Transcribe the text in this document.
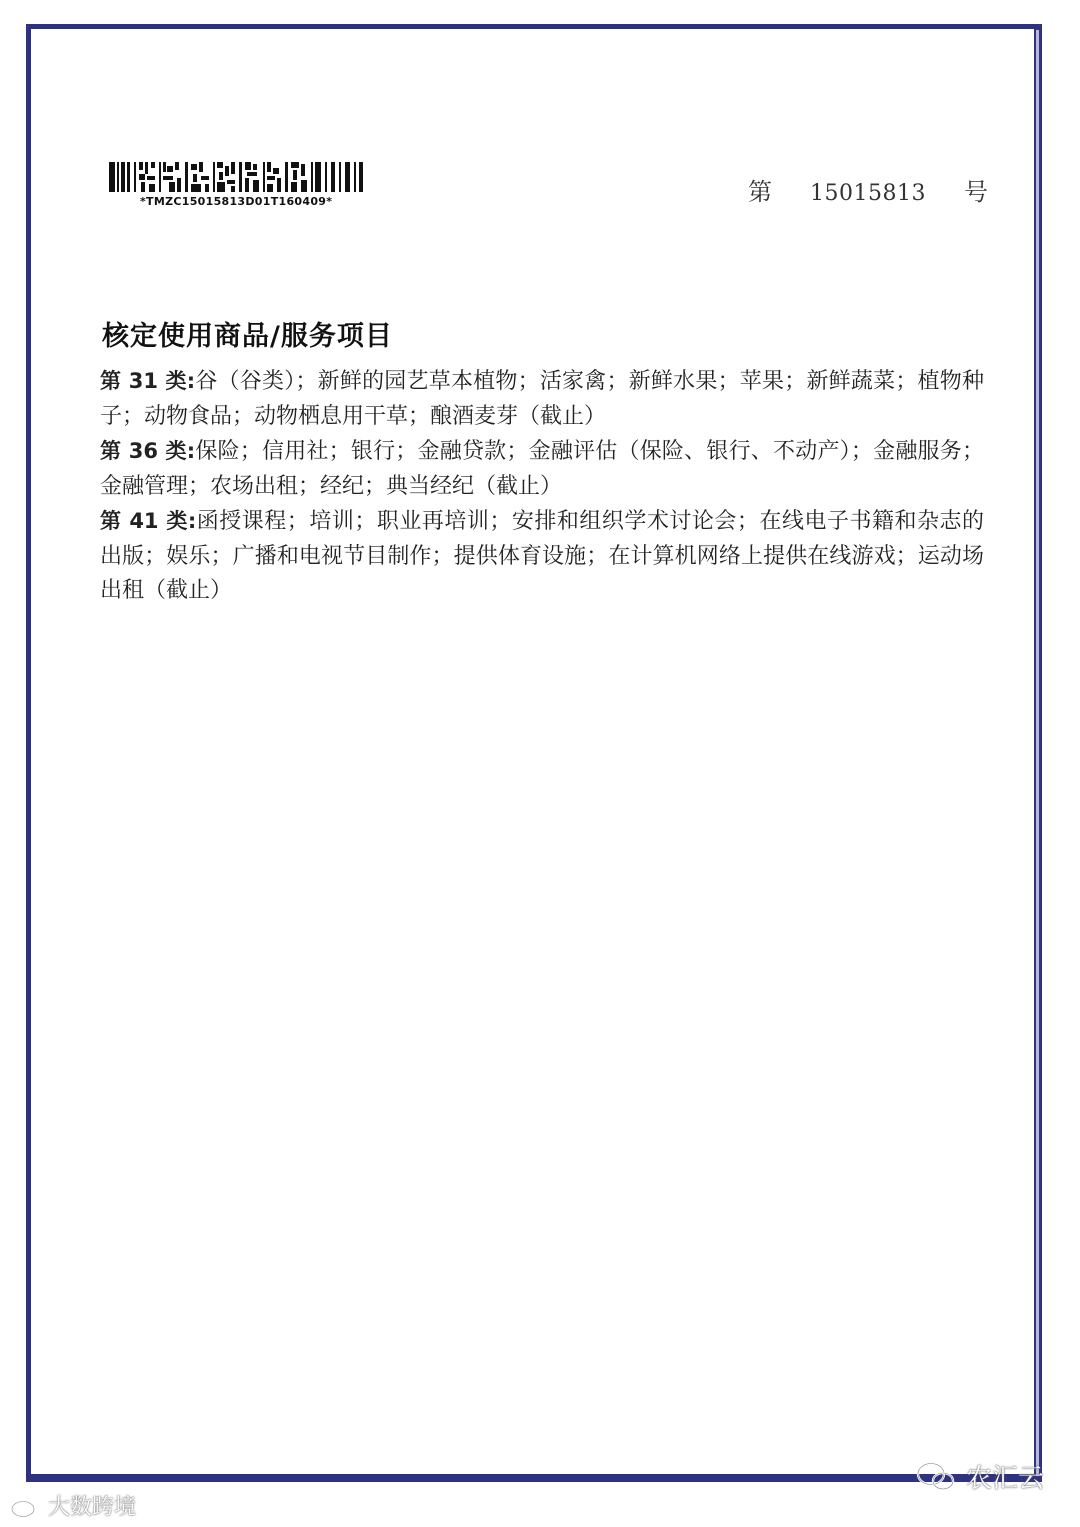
*TMZC15015813D01T160409*	第 15015813 号
核定使用商品/服务项目

第 31 类:谷（谷类）；新鲜的园艺草本植物；活家禽；新鲜水果；苹果；新鲜蔬菜；植物种子；动物食品；动物栖息用干草；酿酒麦芽（截止）

第 36 类:保险；信用社；银行；金融贷款；金融评估（保险、银行、不动产）；金融服务；金融管理；农场出租；经纪；典当经纪（截止）

第 41 类:函授课程；培训；职业再培训；安排和组织学术讨论会；在线电子书籍和杂志的出版；娱乐；广播和电视节目制作；提供体育设施；在计算机网络上提供在线游戏；运动场出租（截止）

大数跨境
农汇云
